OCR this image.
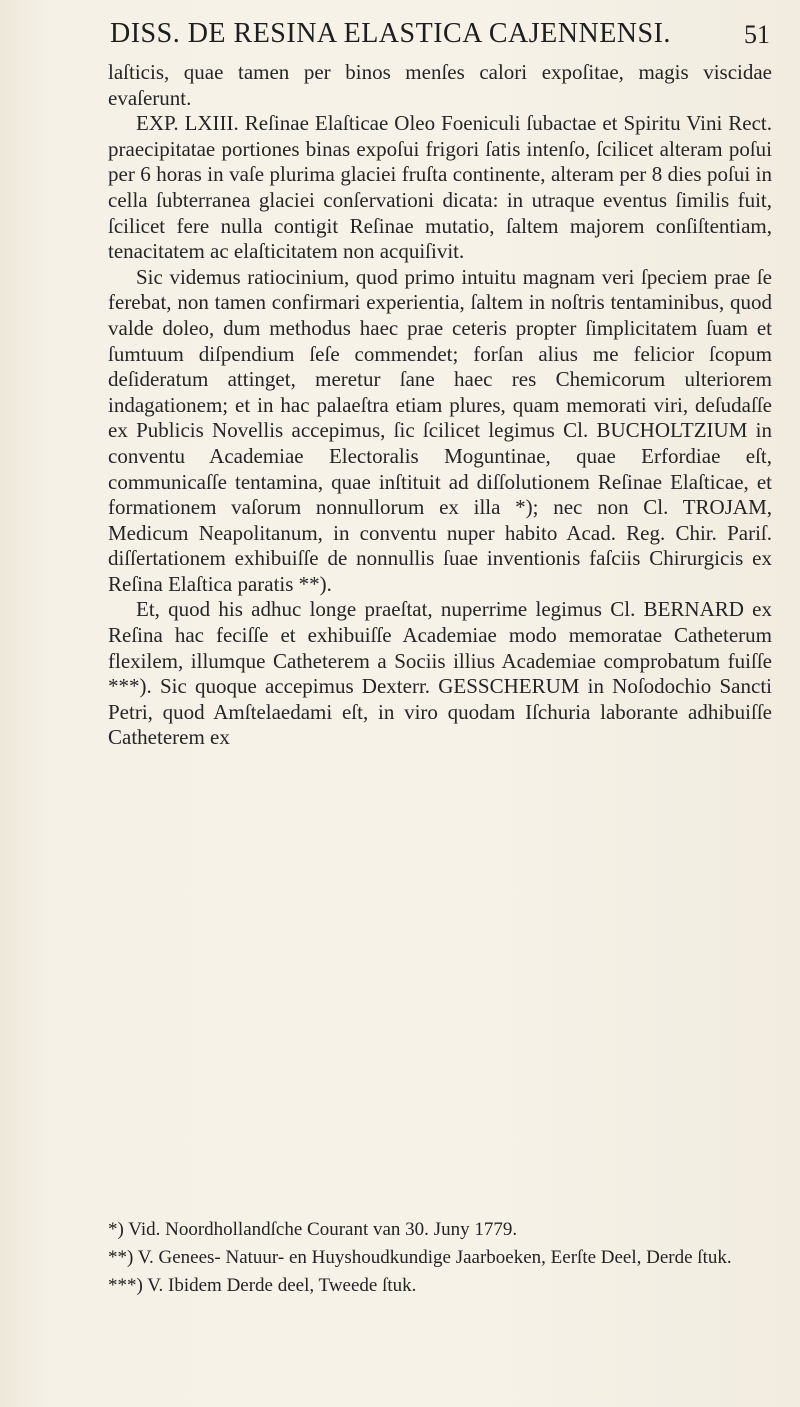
DISS. DE RESINA ELASTICA CAJENNENSI.	51

laſticis, quae tamen per binos menſes calori expoſitae, magis viscidae evaſerunt.

EXP. LXIII. Reſinae Elaſticae Oleo Foeniculi ſubactae et Spiritu Vini Rect. praecipitatae portiones binas expoſui frigori ſatis intenſo, ſcilicet alteram poſui per 6 horas in vaſe plurima glaciei fruſta continente, alteram per 8 dies poſui in cella ſubterranea glaciei conſervationi dicata: in utraque eventus ſimilis fuit, ſcilicet fere nulla contigit Reſinae mutatio, ſaltem majorem conſiſtentiam, tenacitatem ac elaſticitatem non acquiſivit.

Sic videmus ratiocinium, quod primo intuitu magnam veri ſpeciem prae ſe ferebat, non tamen confirmari experientia, ſaltem in noſtris tentaminibus, quod valde doleo, dum methodus haec prae ceteris propter ſimplicitatem ſuam et ſumtuum diſpendium ſeſe commendet; forſan alius me felicior ſcopum deſideratum attinget, meretur ſane haec res Chemicorum ulteriorem indagationem; et in hac palaeſtra etiam plures, quam memorati viri, deſudaſſe ex Publicis Novellis accepimus, ſic ſcilicet legimus Cl. BUCHOLTZIUM in conventu Academiae Electoralis Moguntinae, quae Erfordiae eſt, communicaſſe tentamina, quae inſtituit ad diſſolutionem Reſinae Elaſticae, et formationem vaſorum nonnullorum ex illa *); nec non Cl. TROJAM, Medicum Neapolitanum, in conventu nuper habito Acad. Reg. Chir. Pariſ. diſſertationem exhibuiſſe de nonnullis ſuae inventionis faſciis Chirurgicis ex Reſina Elaſtica paratis **).

Et, quod his adhuc longe praeſtat, nuperrime legimus Cl. BERNARD ex Reſina hac feciſſe et exhibuiſſe Academiae modo memoratae Catheterum flexilem, illumque Catheterem a Sociis illius Academiae comprobatum fuiſſe ***). Sic quoque accepimus Dexterr. GESSCHERUM in Noſodochio Sancti Petri, quod Amſtelaedami eſt, in viro quodam Iſchuria laborante adhibuiſſe Catheterem ex

*) Vid. Noordhollandſche Courant van 30. Juny 1779.

**) V. Genees- Natuur- en Huyshoudkundige Jaarboeken, Eerſte Deel, Derde ſtuk.

***) V. Ibidem Derde deel, Tweede ſtuk.
